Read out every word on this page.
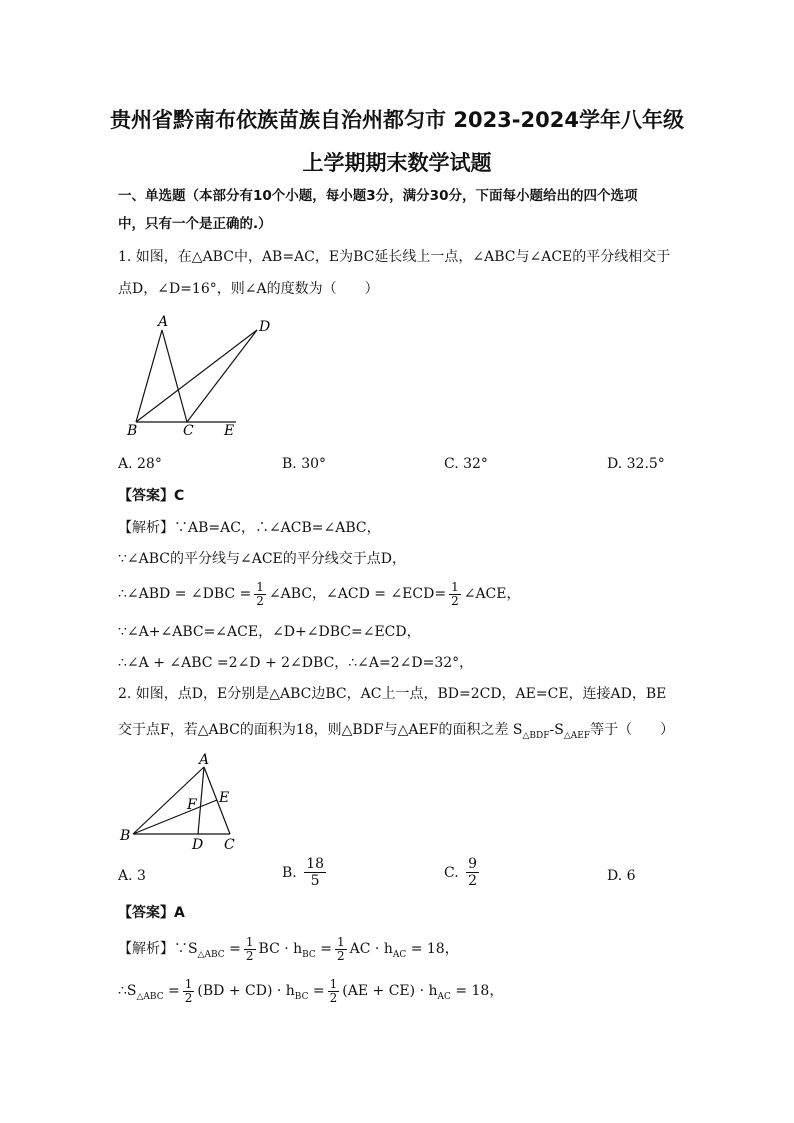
贵州省黔南布依族苗族自治州都匀市 2023-2024学年八年级
上学期期末数学试题
一、单选题（本部分有10个小题，每小题3分，满分30分，下面每小题给出的四个选项
中，只有一个是正确的.）
1. 如图，在△ABC中，AB=AC，E为BC延长线上一点，∠ABC与∠ACE的平分线相交于
点D，∠D=16°，则∠A的度数为（　　）
A	D
B	C E
A. 28°	B. 30°	C. 32°	D. 32.5°
【答案】C
【解析】∵AB=AC，∴∠ACB=∠ABC，
∵∠ABC的平分线与∠ACE的平分线交于点D，
∴∠ABD = ∠DBC = $\frac{1}{2}$ ∠ABC，∠ACD = ∠ECD= $\frac{1}{2}$ ∠ACE，
∵∠A+∠ABC=∠ACE，∠D+∠DBC=∠ECD，
∴∠A + ∠ABC =2∠D + 2∠DBC，∴∠A=2∠D=32°，
2. 如图，点D，E分别是△ABC边BC，AC上一点，BD=2CD，AE=CE，连接AD，BE
交于点F，若△ABC的面积为18，则△BDF与△AEF的面积之差 $S_{\triangle BDF}-S_{\triangle AEF}$等于（　　）
A
E
F
B
D C
A. 3	B. $\frac{18}{5}$	C. $\frac{9}{2}$	D. 6
【答案】A
【解析】$\because S_{\triangle ABC} = \frac{1}{2}$ BC · $h_{BC} = \frac{1}{2}$ AC · $h_{AC} = 18$，
$\therefore S_{\triangle ABC} = \frac{1}{2} (BD + CD) \cdot h_{BC} = \frac{1}{2} (AE + CE) \cdot h_{AC} = 18$，
